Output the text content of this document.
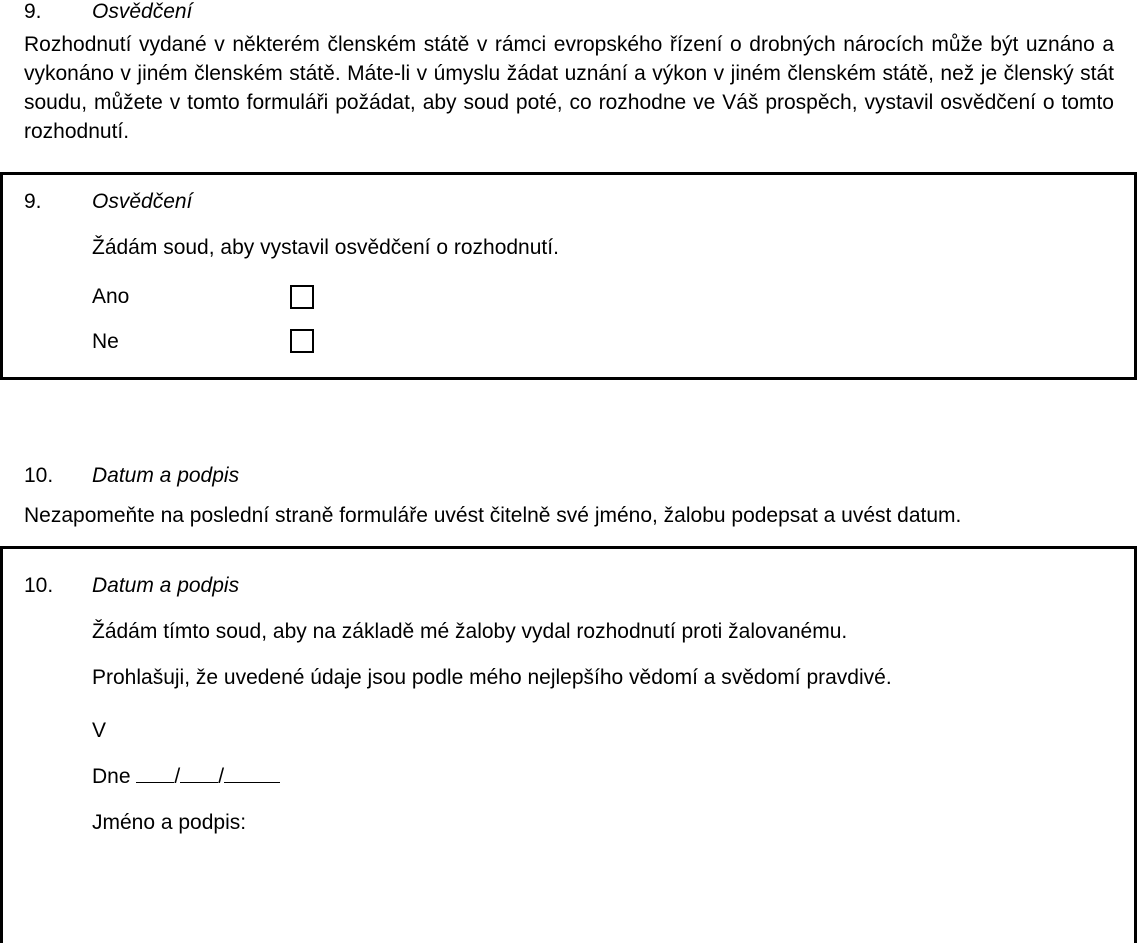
9. Osvědčení
Rozhodnutí vydané v některém členském státě v rámci evropského řízení o drobných nárocích může být uznáno a vykonáno v jiném členském státě. Máte-li v úmyslu žádat uznání a výkon v jiném členském státě, než je členský stát soudu, můžete v tomto formuláři požádat, aby soud poté, co rozhodne ve Váš prospěch, vystavil osvědčení o tomto rozhodnutí.
9. Osvědčení
Žádám soud, aby vystavil osvědčení o rozhodnutí.
Ano
Ne
10. Datum a podpis
Nezapomeňte na poslední straně formuláře uvést čitelně své jméno, žalobu podepsat a uvést datum.
10. Datum a podpis
Žádám tímto soud, aby na základě mé žaloby vydal rozhodnutí proti žalovanému.
Prohlašuji, že uvedené údaje jsou podle mého nejlepšího vědomí a svědomí pravdivé.
V
Dne / /
Jméno a podpis:
